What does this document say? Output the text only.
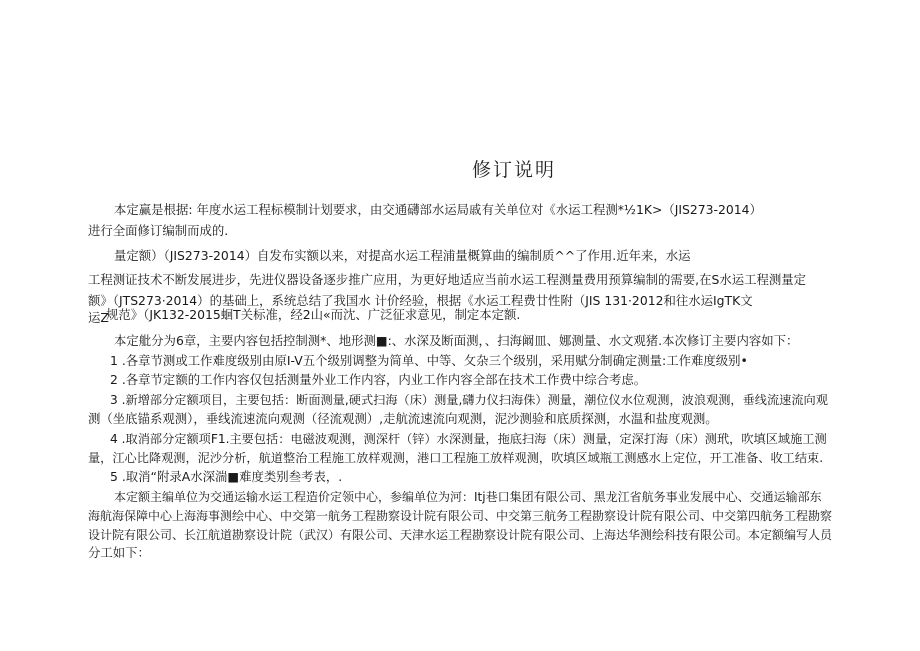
修订说明
本定赢是根据: 年度水运工程标模制计划要求，由交通礴部水运局戚有关单位对《水运工程测*½1K>（JIS273-2014）
进行全面修订编制而成的.
量定额）（JIS273-2014）自发布实额以来，对提高水运工程浦量概算曲的编制质^^了作用.近年来，水运
工程测证技术不断发展进步，先进仪器设备逐步推广应用，为更好地适应当前水运工程测量费用预算编制的需要,在S水运工程测量定
额》（JTS273·2014）的基础上，系统总结了我国水 计价经验，根据《水运工程费廿性附（JIS 131·2012和往水运IgTK文
运Z
规范》（JK132-2015蛔T关标准，经2山«而沈、广泛征求意见，制定本定额.
本定舭分为6章，主要内容包括控制测*、地形测■:、水深及断面测，、扫海阚皿、娜测量、水文观猪.本次修订主要内容如下：
1 .各章节测或工作难度级别由原I-V五个级别调整为简单、中等、攵杂三个级别，采用赋分制确定测量:工作难度级别•
2 .各章节定额的工作内容仅包括测量外业工作内容，内业工作内容全部在技术工作费中综合考虑。
3 .新增部分定额项目，主要包括：断面测量,硬式扫海（床）测量,礴力仪扫海侏）测量，潮位仪水位观测，波浪观测，垂线流速流向观
测（坐底锚系观测），垂线流速流向观测（径流观测）,走航流速流向观测，泥沙测验和底质探测，水温和盐度观测。
4 .取消部分定额项F1.主要包括：电磁波观测，测深杆（锌）水深测量，拖底扫海（床）测量，定深打海（床）测玳，吹填区域施工测
量，江心比降观测，泥沙分析，航道整治工程施工放样观测，港口工程施工放样观测，吹填区域瓶工测感水上定位，开工准备、收工结束.
5 .取消“附录A水深湍■难度类别叁考表，.
本定额主编单位为交通运输水运工程造价定领中心，参编单位为河：Itj巷口集团有限公司、黑龙江省航务事业发展中心、交通运输部东
海航海保障中心上海海事测绘中心、中交第一航务工程勘察设计院有限公司、中交第三航务工程勘察设计院有限公司、中交第四航务工程勘察
设计院有限公司、长江航道勘察设计院（武汉）有限公司、天津水运工程勘察设计院有限公司、上海达华测绘科技有限公司。本定额编写人员
分工如下：
